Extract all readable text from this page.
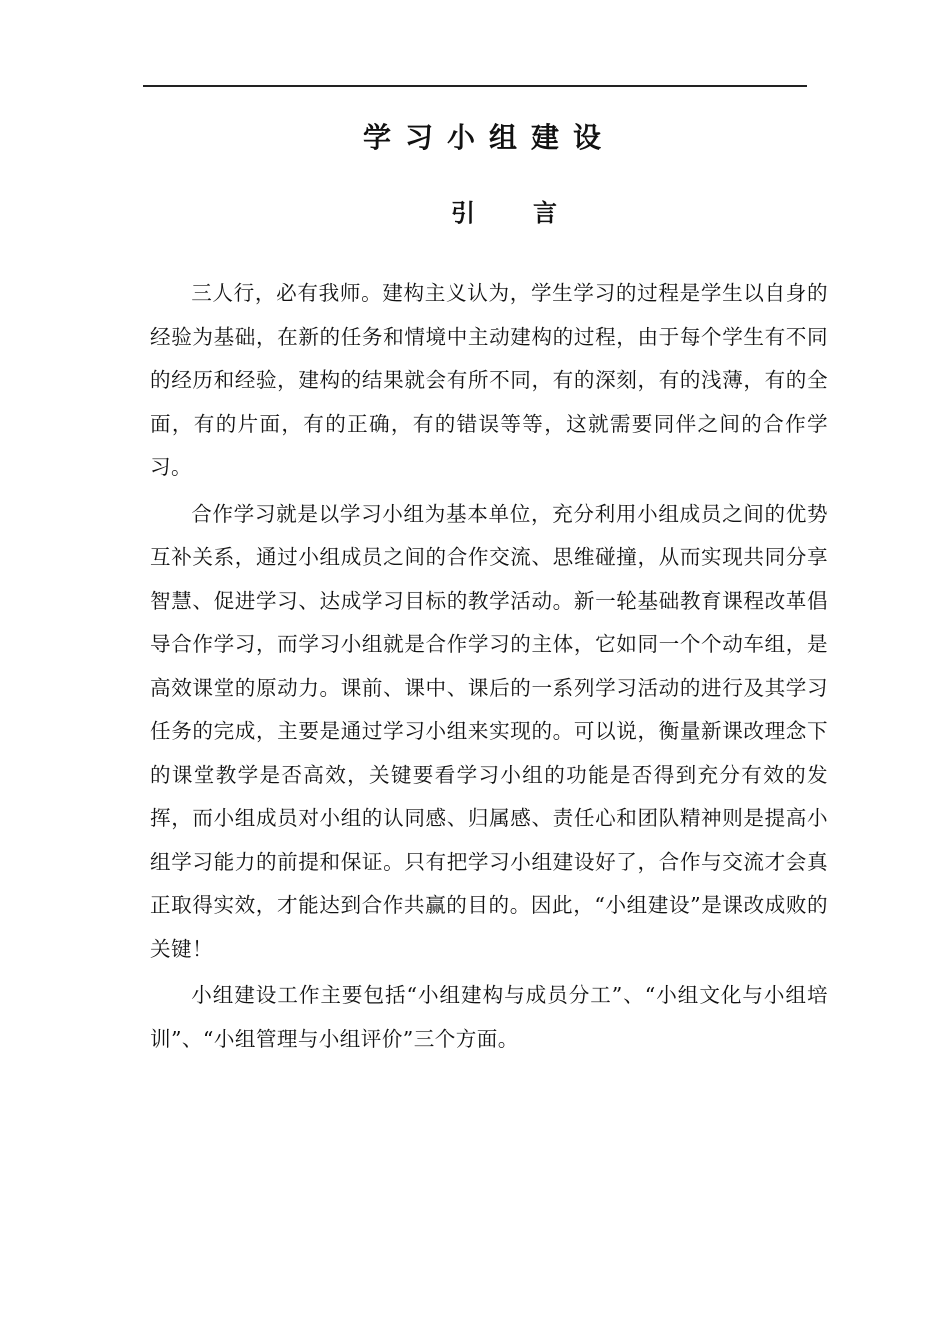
学习小组建设
引言

三人行，必有我师。建构主义认为，学生学习的过程是学生以自身的经验为基础，在新的任务和情境中主动建构的过程，由于每个学生有不同的经历和经验，建构的结果就会有所不同，有的深刻，有的浅薄，有的全面，有的片面，有的正确，有的错误等等，这就需要同伴之间的合作学习。

合作学习就是以学习小组为基本单位，充分利用小组成员之间的优势互补关系，通过小组成员之间的合作交流、思维碰撞，从而实现共同分享智慧、促进学习、达成学习目标的教学活动。新一轮基础教育课程改革倡导合作学习，而学习小组就是合作学习的主体，它如同一个个动车组，是高效课堂的原动力。课前、课中、课后的一系列学习活动的进行及其学习任务的完成，主要是通过学习小组来实现的。可以说，衡量新课改理念下的课堂教学是否高效，关键要看学习小组的功能是否得到充分有效的发挥，而小组成员对小组的认同感、归属感、责任心和团队精神则是提高小组学习能力的前提和保证。只有把学习小组建设好了，合作与交流才会真正取得实效，才能达到合作共赢的目的。因此，“小组建设”是课改成败的关键！

小组建设工作主要包括“小组建构与成员分工”、“小组文化与小组培训”、“小组管理与小组评价”三个方面。
